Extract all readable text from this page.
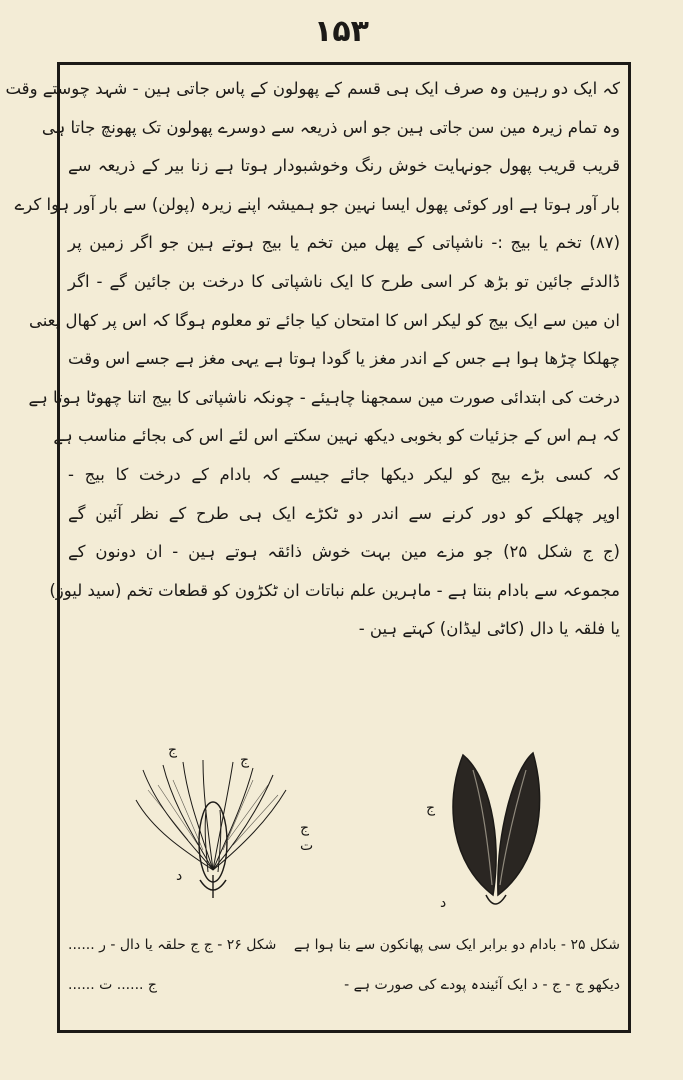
۱۵۳
کہ ایک دو رہین وہ صرف ایک ہی قسم کے پھولون کے پاس جاتی ہین - شہد چوستے وقت
وہ تمام زیرہ مین سن جاتی ہین جو اس ذریعہ سے دوسرے پھولون تک پھونچ جاتا ہی
قریب قریب پھول جونہایت خوش رنگ وخوشبودار ہوتا ہے زنا بیر کے ذریعہ سے
بار آور ہوتا ہے اور کوئی پھول ایسا نہین جو ہمیشہ اپنے زیرہ (پولن) سے بار آور ہوا کرے
(۸۷) تخم یا بیج :- ناشپاتی کے پھل مین تخم یا بیج ہوتے ہین جو اگر زمین پر
ڈالدئے جائین تو بڑھ کر اسی طرح کا ایک ناشپاتی کا درخت بن جائین گے - اگر
ان مین سے ایک بیج کو لیکر اس کا امتحان کیا جائے تو معلوم ہوگا کہ اس پر کھال یعنی
چھلکا چڑھا ہوا ہے جس کے اندر مغز یا گودا ہوتا ہے یہی مغز ہے جسے اس وقت
درخت کی ابتدائی صورت مین سمجھنا چاہیئے - چونکہ ناشپاتی کا بیج اتنا چھوٹا ہوتا ہے
کہ ہم اس کے جزئیات کو بخوبی دیکھ نہین سکتے اس لئے اس کی بجائے مناسب ہے
کہ کسی بڑے بیج کو لیکر دیکھا جائے جیسے کہ بادام کے درخت کا بیج -
اوپر چھلکے کو دور کرنے سے اندر دو ٹکڑے ایک ہی طرح کے نظر آئین گے
(ج ج شکل ۲۵) جو مزے مین بہت خوش ذائقہ ہوتے ہین - ان دونون کے
مجموعہ سے بادام بنتا ہے - ماہرین علم نباتات ان ٹکڑون کو قطعات تخم (سید لیوز)
یا فلقہ یا دال (کاٹی لیڈان) کہتے ہین -
ج
ج
ج
ت
د
ج
د
شکل ۲۵ - بادام دو برابر ایک سی پھانکون سے بنا ہوا ہے
شکل ۲۶ - ج ج حلقہ یا دال - ر ......
دیکھو ج - ج - د ایک آئیندہ پودے کی صورت ہے -
ج ...... ت ......
